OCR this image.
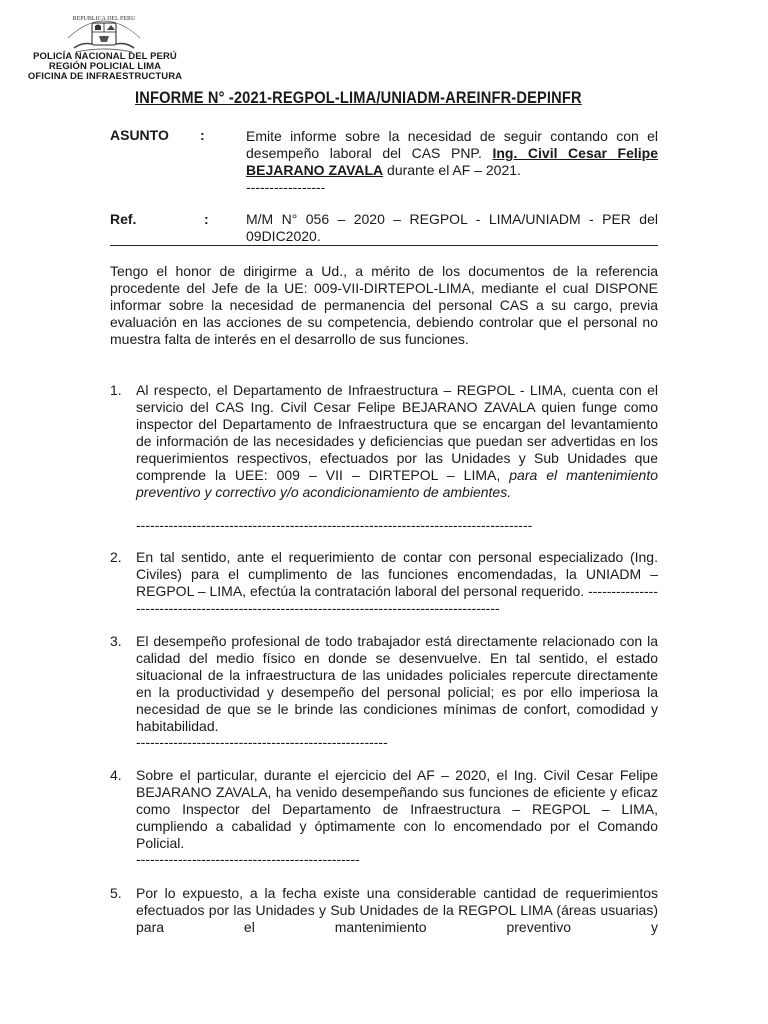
REPUBLICA DEL PERU
POLICÍA NACIONAL DEL PERÚ
REGIÓN POLICIAL LIMA
OFICINA DE INFRAESTRUCTURA
INFORME N° -2021-REGPOL-LIMA/UNIADM-AREINFR-DEPINFR
ASUNTO :	Emite informe sobre la necesidad de seguir contando con el desempeño laboral del CAS PNP. Ing. Civil Cesar Felipe BEJARANO ZAVALA durante el AF – 2021.
-----------------
Ref.	:	M/M N° 056 – 2020 – REGPOL - LIMA/UNIADM - PER del 09DIC2020.
Tengo el honor de dirigirme a Ud., a mérito de los documentos de la referencia procedente del Jefe de la UE: 009-VII-DIRTEPOL-LIMA, mediante el cual DISPONE informar sobre la necesidad de permanencia del personal CAS a su cargo, previa evaluación en las acciones de su competencia, debiendo controlar que el personal no muestra falta de interés en el desarrollo de sus funciones.
1. Al respecto, el Departamento de Infraestructura – REGPOL - LIMA, cuenta con el servicio del CAS Ing. Civil Cesar Felipe BEJARANO ZAVALA quien funge como inspector del Departamento de Infraestructura que se encargan del levantamiento de información de las necesidades y deficiencias que puedan ser advertidas en los requerimientos respectivos, efectuados por las Unidades y Sub Unidades que comprende la UEE: 009 – VII – DIRTEPOL – LIMA, para el mantenimiento preventivo y correctivo y/o acondicionamiento de ambientes.
-------------------------------------------------------------------------------------
2. En tal sentido, ante el requerimiento de contar con personal especializado (Ing. Civiles) para el cumplimento de las funciones encomendadas, la UNIADM – REGPOL – LIMA, efectúa la contratación laboral del personal requerido. ---------------------------------------------------------------------------------------------
3. El desempeño profesional de todo trabajador está directamente relacionado con la calidad del medio físico en donde se desenvuelve. En tal sentido, el estado situacional de la infraestructura de las unidades policiales repercute directamente en la productividad y desempeño del personal policial; es por ello imperiosa la necesidad de que se le brinde las condiciones mínimas de confort, comodidad y habitabilidad.
------------------------------------------------------
4. Sobre el particular, durante el ejercicio del AF – 2020, el Ing. Civil Cesar Felipe BEJARANO ZAVALA, ha venido desempeñando sus funciones de eficiente y eficaz como Inspector del Departamento de Infraestructura – REGPOL – LIMA, cumpliendo a cabalidad y óptimamente con lo encomendado por el Comando Policial.
------------------------------------------------
5. Por lo expuesto, a la fecha existe una considerable cantidad de requerimientos efectuados por las Unidades y Sub Unidades de la REGPOL LIMA (áreas usuarias) para el mantenimiento preventivo y
